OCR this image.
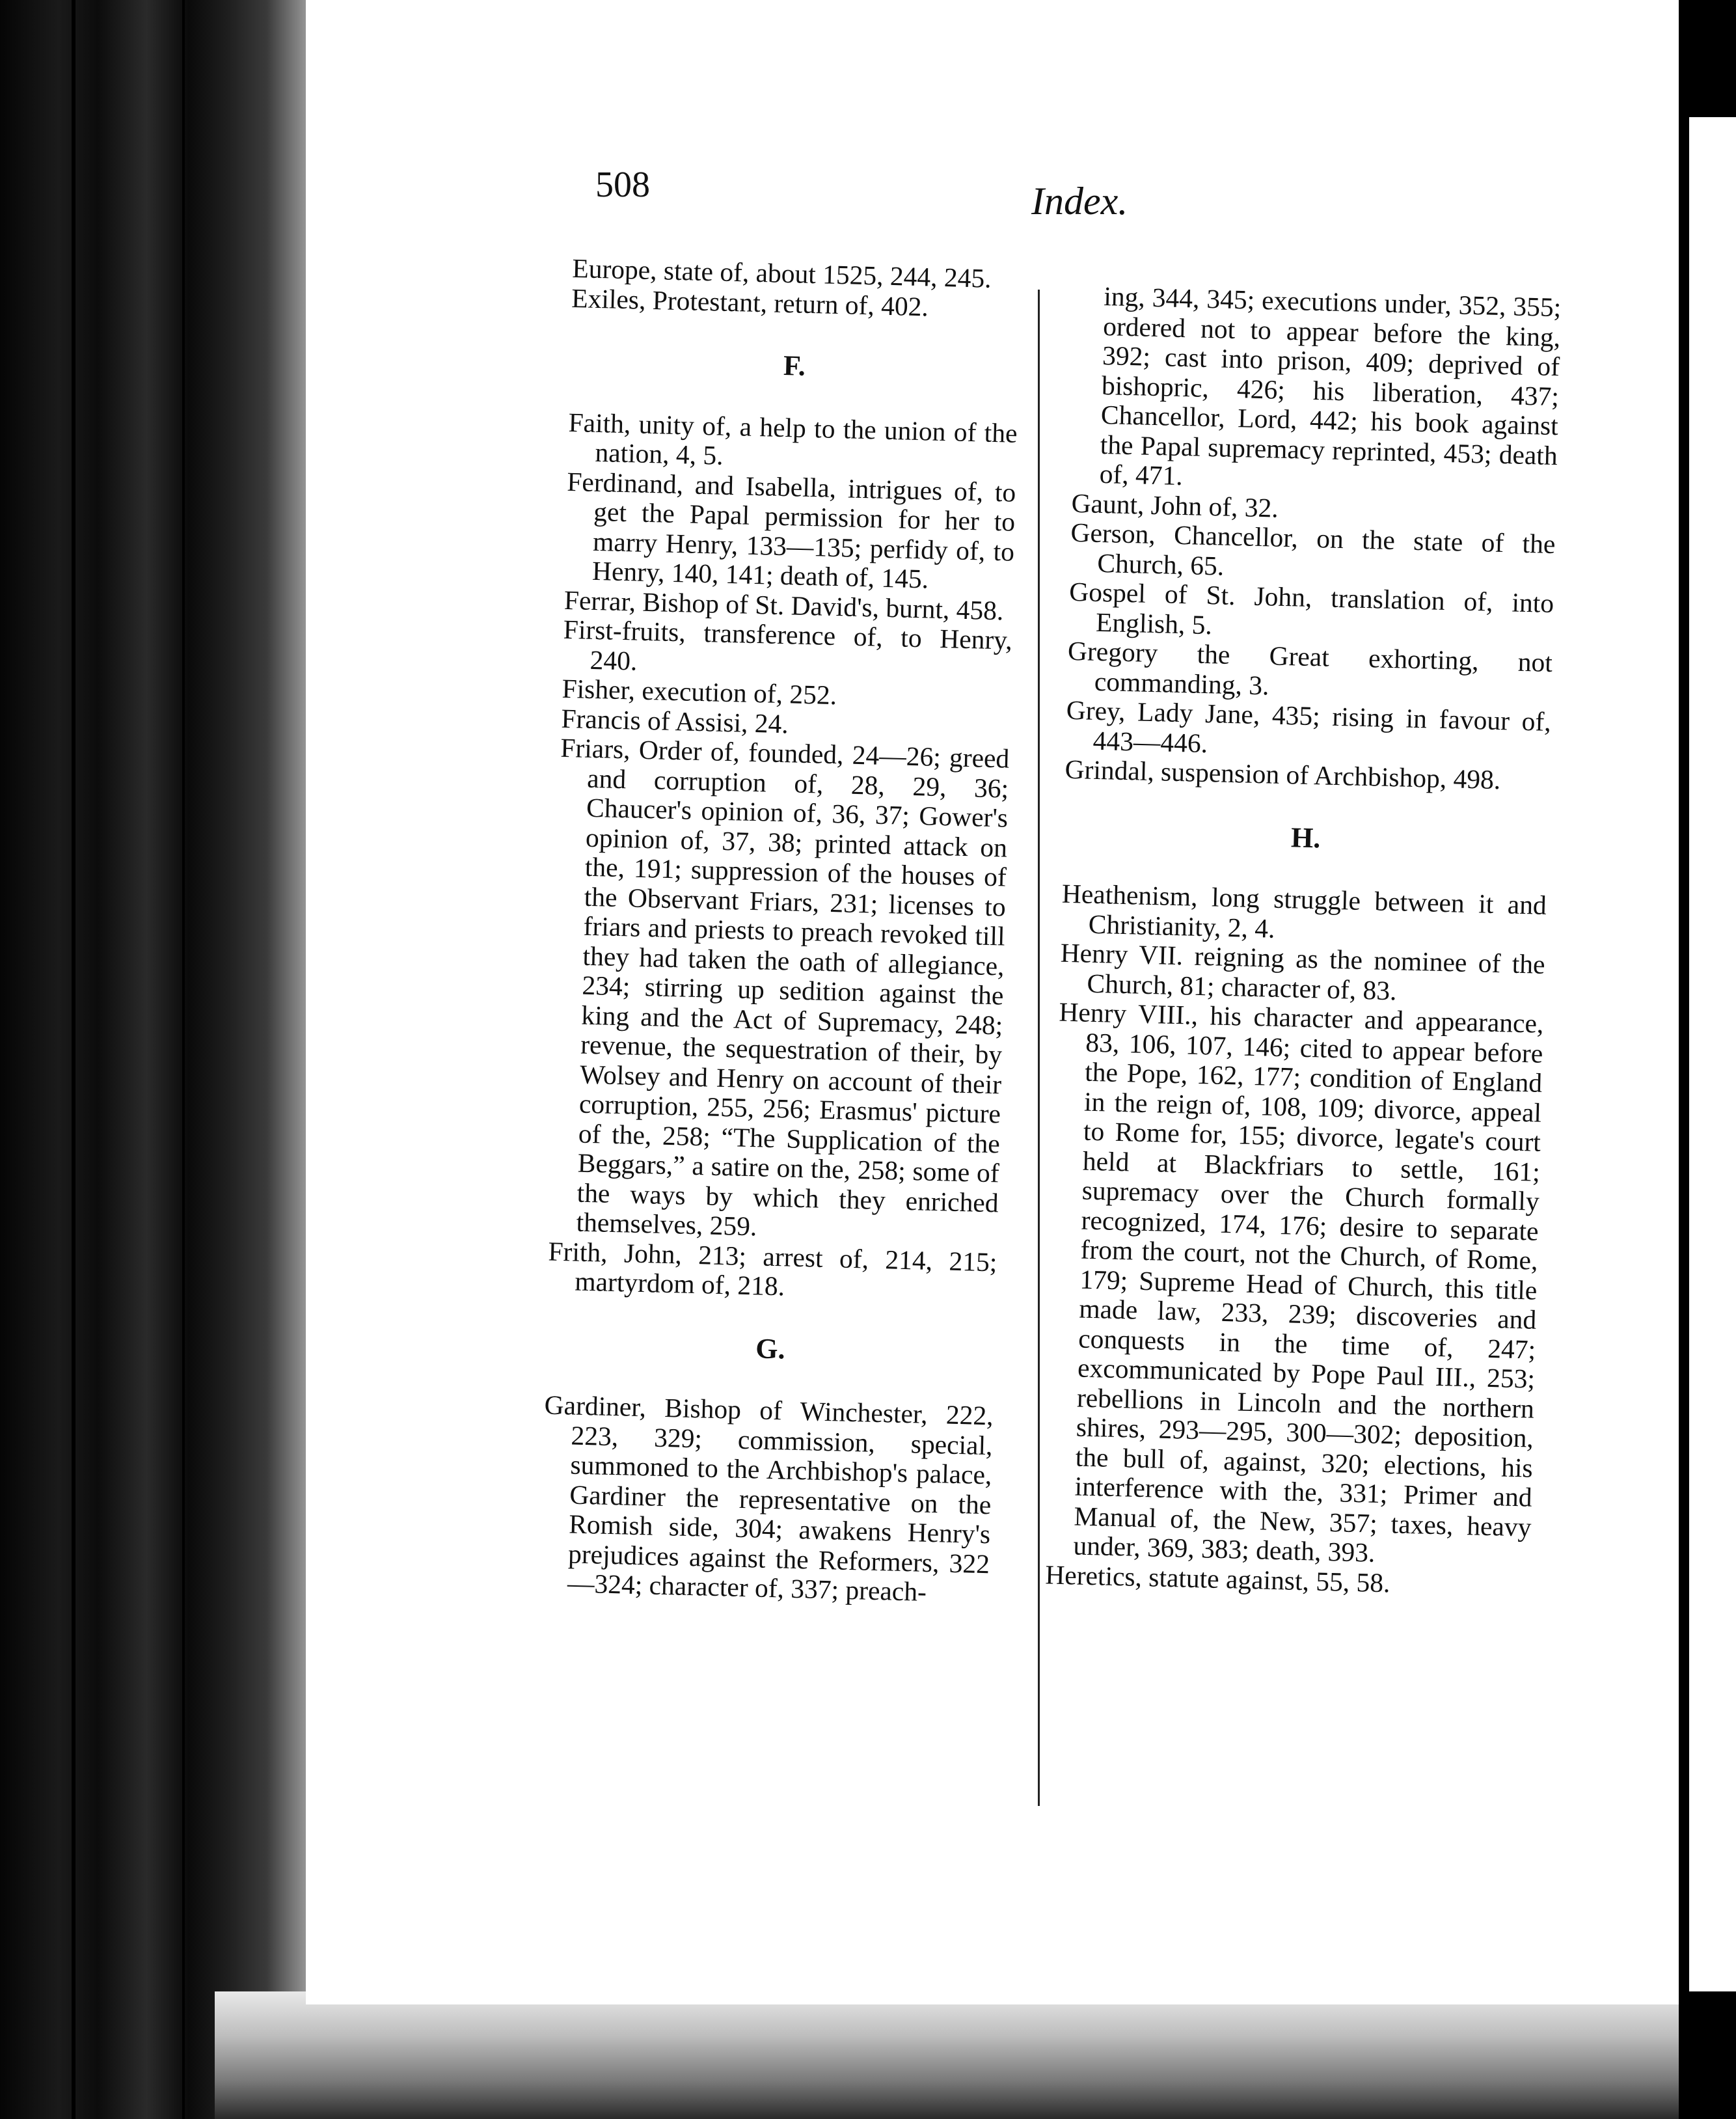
508	Index.

Europe, state of, about 1525, 244, 245.

Exiles, Protestant, return of, 402.

F.

Faith, unity of, a help to the union of the nation, 4, 5.

Ferdinand, and Isabella, intrigues of, to get the Papal permission for her to marry Henry, 133—135; perfidy of, to Henry, 140, 141; death of, 145.

Ferrar, Bishop of St. David's, burnt, 458.

First-fruits, transference of, to Henry, 240.

Fisher, execution of, 252.

Francis of Assisi, 24.

Friars, Order of, founded, 24—26; greed and corruption of, 28, 29, 36; Chaucer's opinion of, 36, 37; Gower's opinion of, 37, 38; printed attack on the, 191; suppression of the houses of the Observant Friars, 231; licenses to friars and priests to preach revoked till they had taken the oath of allegiance, 234; stirring up sedition against the king and the Act of Supremacy, 248; revenue, the sequestration of their, by Wolsey and Henry on account of their corruption, 255, 256; Erasmus' picture of the, 258; “The Supplication of the Beggars,” a satire on the, 258; some of the ways by which they enriched themselves, 259.

Frith, John, 213; arrest of, 214, 215; martyrdom of, 218.

G.

Gardiner, Bishop of Winchester, 222, 223, 329; commission, special, summoned to the Archbishop's palace, Gardiner the representative on the Romish side, 304; awakens Henry's prejudices against the Reformers, 322—324; character of, 337; preach-

ing, 344, 345; executions under, 352, 355; ordered not to appear before the king, 392; cast into prison, 409; deprived of bishopric, 426; his liberation, 437; Chancellor, Lord, 442; his book against the Papal supremacy reprinted, 453; death of, 471.

Gaunt, John of, 32.

Gerson, Chancellor, on the state of the Church, 65.

Gospel of St. John, translation of, into English, 5.

Gregory the Great exhorting, not commanding, 3.

Grey, Lady Jane, 435; rising in favour of, 443—446.

Grindal, suspension of Archbishop, 498.

H.

Heathenism, long struggle between it and Christianity, 2, 4.

Henry VII. reigning as the nominee of the Church, 81; character of, 83.

Henry VIII., his character and appearance, 83, 106, 107, 146; cited to appear before the Pope, 162, 177; condition of England in the reign of, 108, 109; divorce, appeal to Rome for, 155; divorce, legate's court held at Blackfriars to settle, 161; supremacy over the Church formally recognized, 174, 176; desire to separate from the court, not the Church, of Rome, 179; Supreme Head of Church, this title made law, 233, 239; discoveries and conquests in the time of, 247; excommunicated by Pope Paul III., 253; rebellions in Lincoln and the northern shires, 293—295, 300—302; deposition, the bull of, against, 320; elections, his interference with the, 331; Primer and Manual of, the New, 357; taxes, heavy under, 369, 383; death, 393.

Heretics, statute against, 55, 58.
